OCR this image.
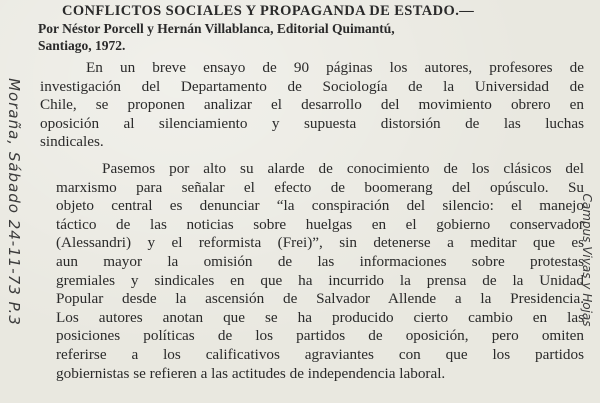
Moraña, Sábado 24-11-73 P.3
CONFLICTOS SOCIALES Y PROPAGANDA DE ESTADO.—
Por Néstor Porcell y Hernán Villablanca, Editorial Quimantú,
Santiago, 1972.
En un breve ensayo de 90 páginas los autores, profesores de
investigación del Departamento de Sociología de la Universidad de
Chile, se proponen analizar el desarrollo del movimiento obrero en
oposición al silenciamiento y supuesta distorsión de las luchas
sindicales.
Pasemos por alto su alarde de conocimiento de los clásicos del
marxismo para señalar el efecto de boomerang del opúsculo. Su
objeto central es denunciar “la conspiración del silencio: el manejo
táctico de las noticias sobre huelgas en el gobierno conservador
(Alessandri) y el reformista (Frei)”, sin detenerse a meditar que es
aun mayor la omisión de las informaciones sobre protestas
gremiales y sindicales en que ha incurrido la prensa de la Unidad
Popular desde la ascensión de Salvador Allende a la Presidencia.
Los autores anotan que se ha producido cierto cambio en las
posiciones políticas de los partidos de oposición, pero omiten
referirse a los calificativos agraviantes con que los partidos
gobiernistas se refieren a las actitudes de independencia laboral.
Campus Vivas y Hojas
